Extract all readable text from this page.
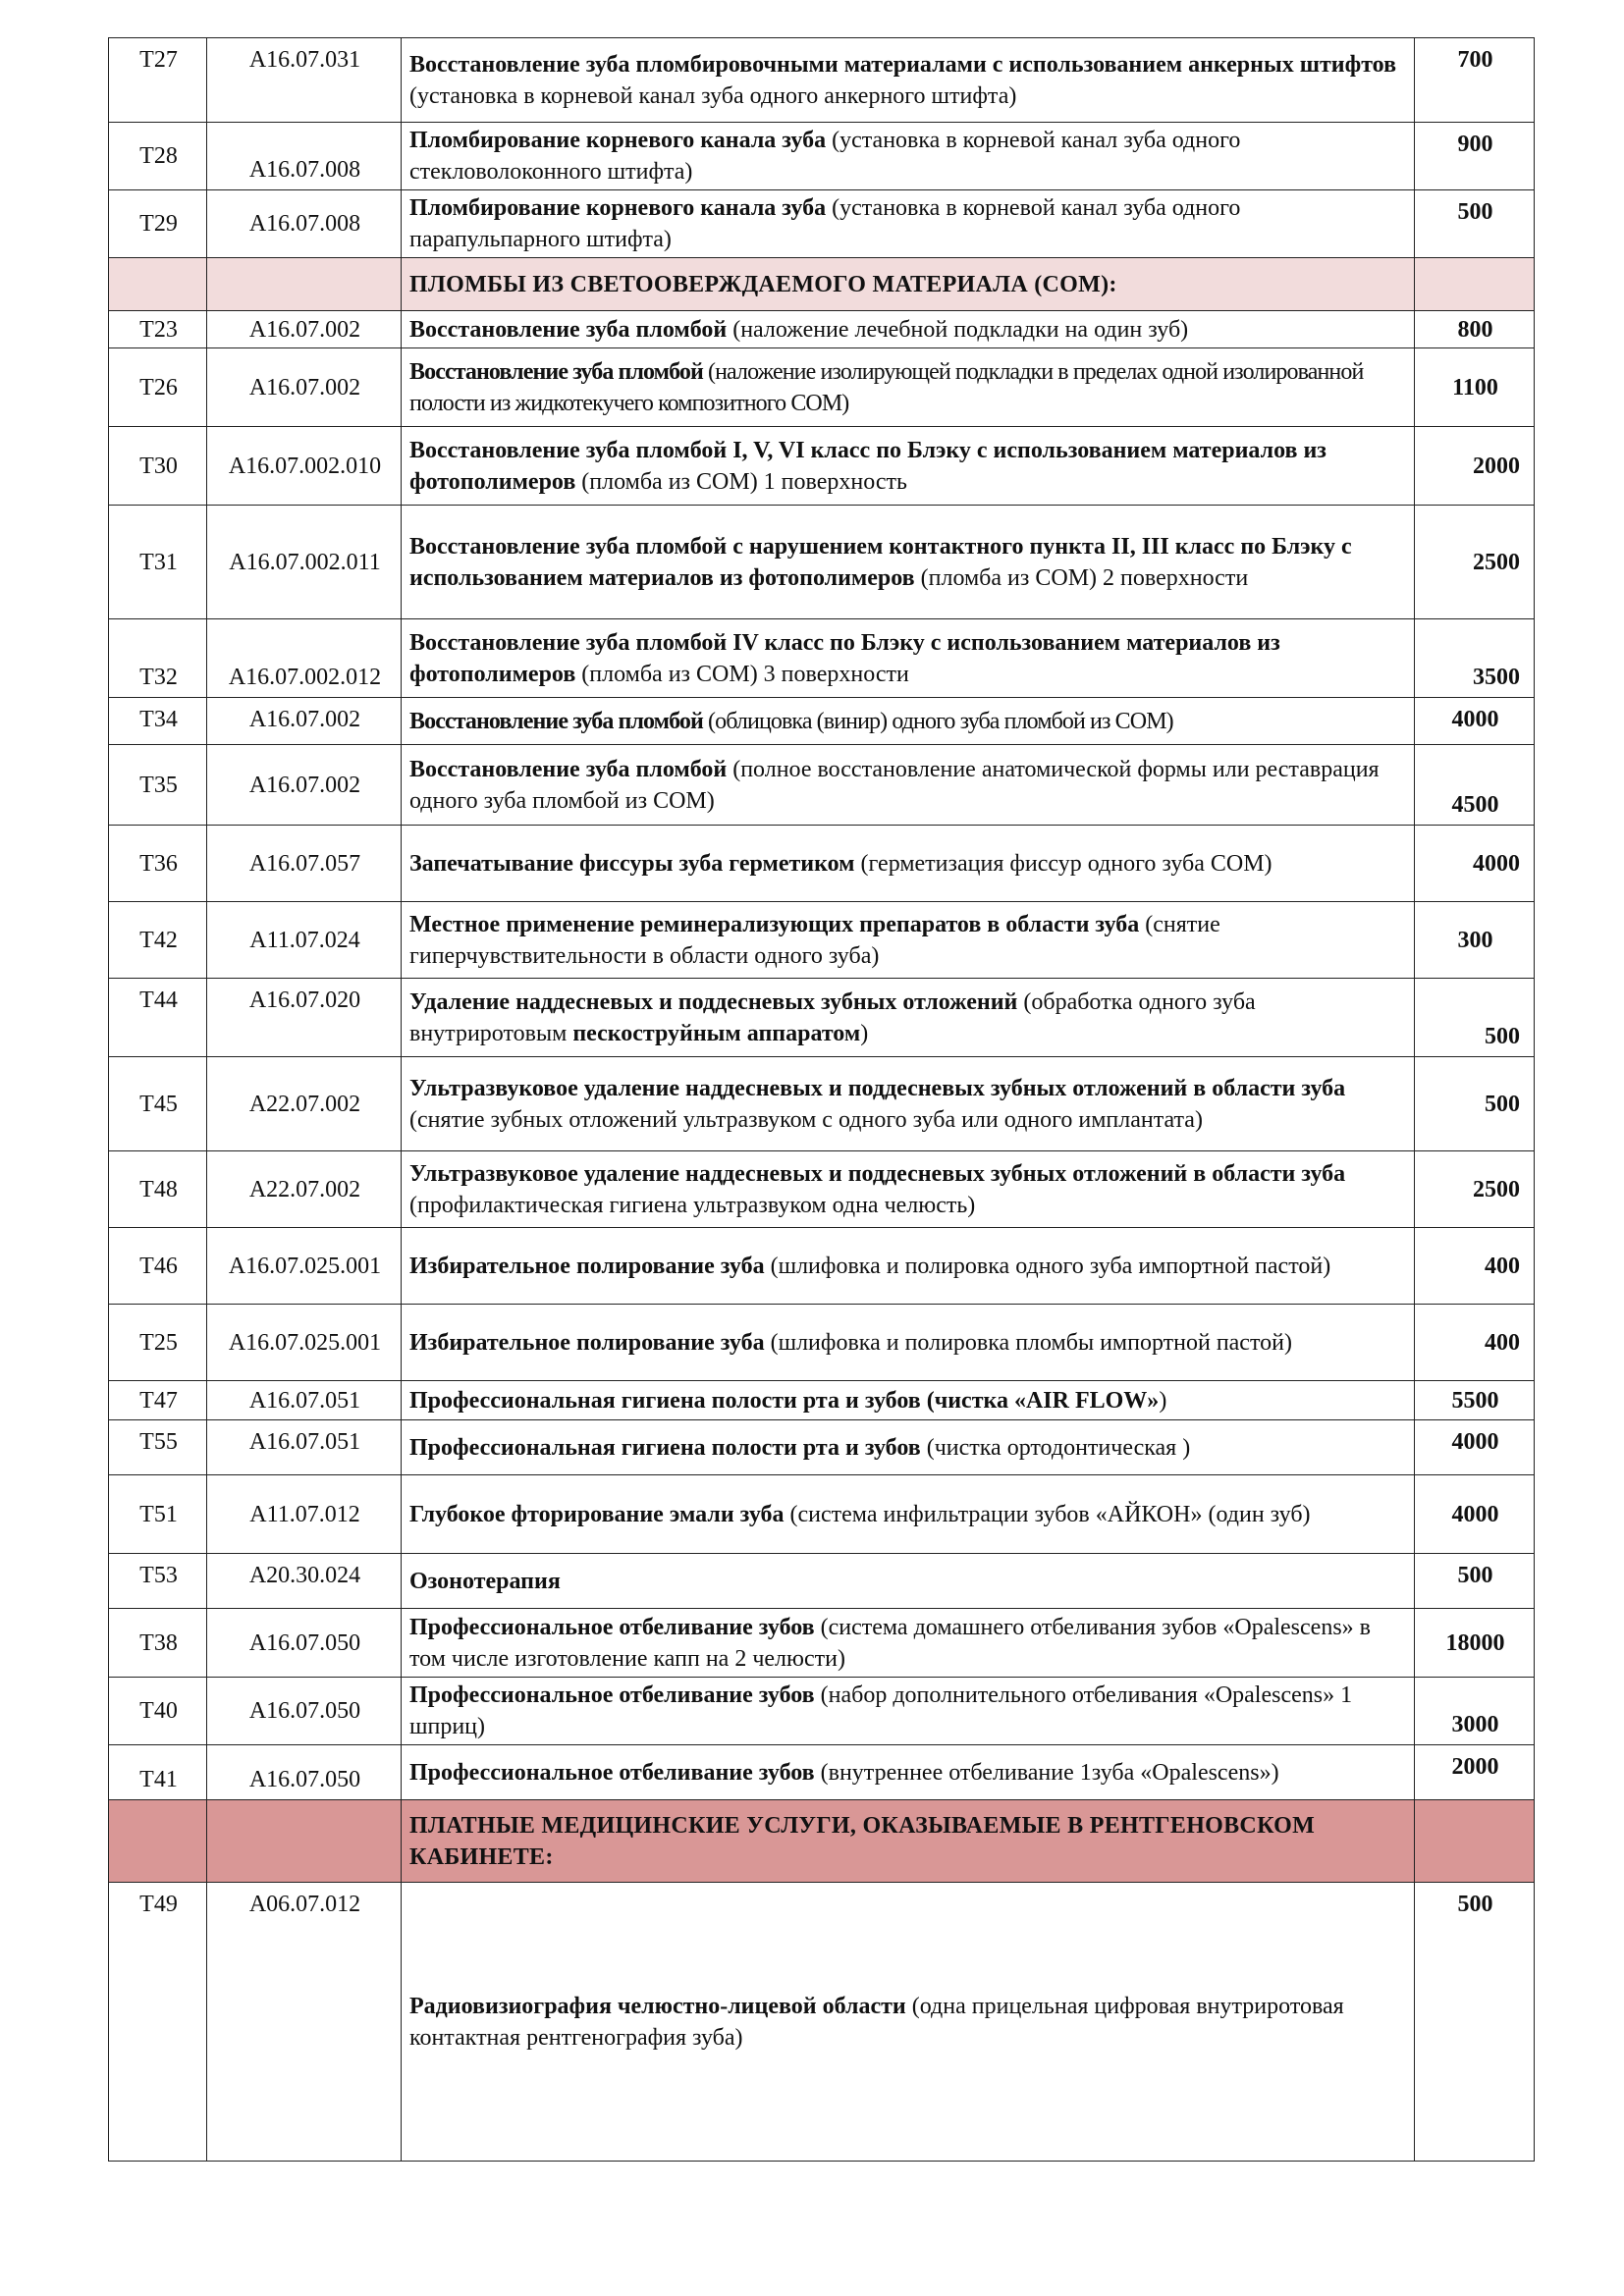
Т27	А16.07.031	Восстановление зуба пломбировочными материалами с использованием анкерных штифтов (установка в корневой канал зуба одного анкерного штифта)	700
Т28	А16.07.008	Пломбирование корневого канала зуба (установка в корневой канал зуба одного стекловолоконного штифта)	900
Т29	А16.07.008	Пломбирование корневого канала зуба (установка в корневой канал зуба одного парапульпарного штифта)	500
		ПЛОМБЫ ИЗ СВЕТООВЕРЖДАЕМОГО МАТЕРИАЛА (СОМ):	
Т23	А16.07.002	Восстановление зуба пломбой (наложение лечебной подкладки на один зуб)	800
Т26	А16.07.002	Восстановление зуба пломбой (наложение изолирующей подкладки в пределах одной изолированной полости из жидкотекучего композитного СОМ)	1100
Т30	А16.07.002.010	Восстановление зуба пломбой I, V, VI класс по Блэку с использованием материалов из фотополимеров (пломба из СОМ) 1 поверхность	2000
Т31	А16.07.002.011	Восстановление зуба пломбой с нарушением контактного пункта II, III класс по Блэку с использованием материалов из фотополимеров (пломба из СОМ) 2 поверхности	2500
Т32	А16.07.002.012	Восстановление зуба пломбой IV класс по Блэку с использованием материалов из фотополимеров (пломба из СОМ) 3 поверхности	3500
Т34	А16.07.002	Восстановление зуба пломбой (облицовка (винир) одного зуба пломбой из СОМ)	4000
Т35	А16.07.002	Восстановление зуба пломбой (полное восстановление анатомической формы или реставрация одного зуба пломбой из СОМ)	4500
Т36	А16.07.057	Запечатывание фиссуры зуба герметиком (герметизация фиссур одного зуба СОМ)	4000
Т42	А11.07.024	Местное применение реминерализующих препаратов в области зуба (снятие гиперчувствительности в области одного зуба)	300
Т44	А16.07.020	Удаление наддесневых и поддесневых зубных отложений (обработка одного зуба внутриротовым пескоструйным аппаратом)	500
Т45	А22.07.002	Ультразвуковое удаление наддесневых и поддесневых зубных отложений в области зуба (снятие зубных отложений ультразвуком с одного зуба или одного имплантата)	500
Т48	А22.07.002	Ультразвуковое удаление наддесневых и поддесневых зубных отложений в области зуба (профилактическая гигиена ультразвуком одна челюсть)	2500
Т46	А16.07.025.001	Избирательное полирование зуба (шлифовка и полировка одного зуба импортной пастой)	400
Т25	А16.07.025.001	Избирательное полирование зуба (шлифовка и полировка пломбы импортной пастой)	400
Т47	А16.07.051	Профессиональная гигиена полости рта и зубов (чистка «AIR FLOW»)	5500
Т55	А16.07.051	Профессиональная гигиена полости рта и зубов (чистка ортодонтическая )	4000
Т51	А11.07.012	Глубокое фторирование эмали зуба (система инфильтрации зубов «АЙКОН» (один зуб)	4000
Т53	А20.30.024	Озонотерапия	500
Т38	А16.07.050	Профессиональное отбеливание зубов (система домашнего отбеливания зубов «Opalescens» в том числе изготовление капп на 2 челюсти)	18000
Т40	А16.07.050	Профессиональное отбеливание зубов (набор дополнительного отбеливания «Opalescens» 1 шприц)	3000
Т41	А16.07.050	Профессиональное отбеливание зубов (внутреннее отбеливание 1зуба «Opalescens»)	2000
		ПЛАТНЫЕ МЕДИЦИНСКИЕ УСЛУГИ, ОКАЗЫВАЕМЫЕ В РЕНТГЕНОВСКОМ КАБИНЕТЕ:	
Т49	А06.07.012	Радиовизиография челюстно-лицевой области (одна прицельная цифровая внутриротовая контактная рентгенография зуба)	500
